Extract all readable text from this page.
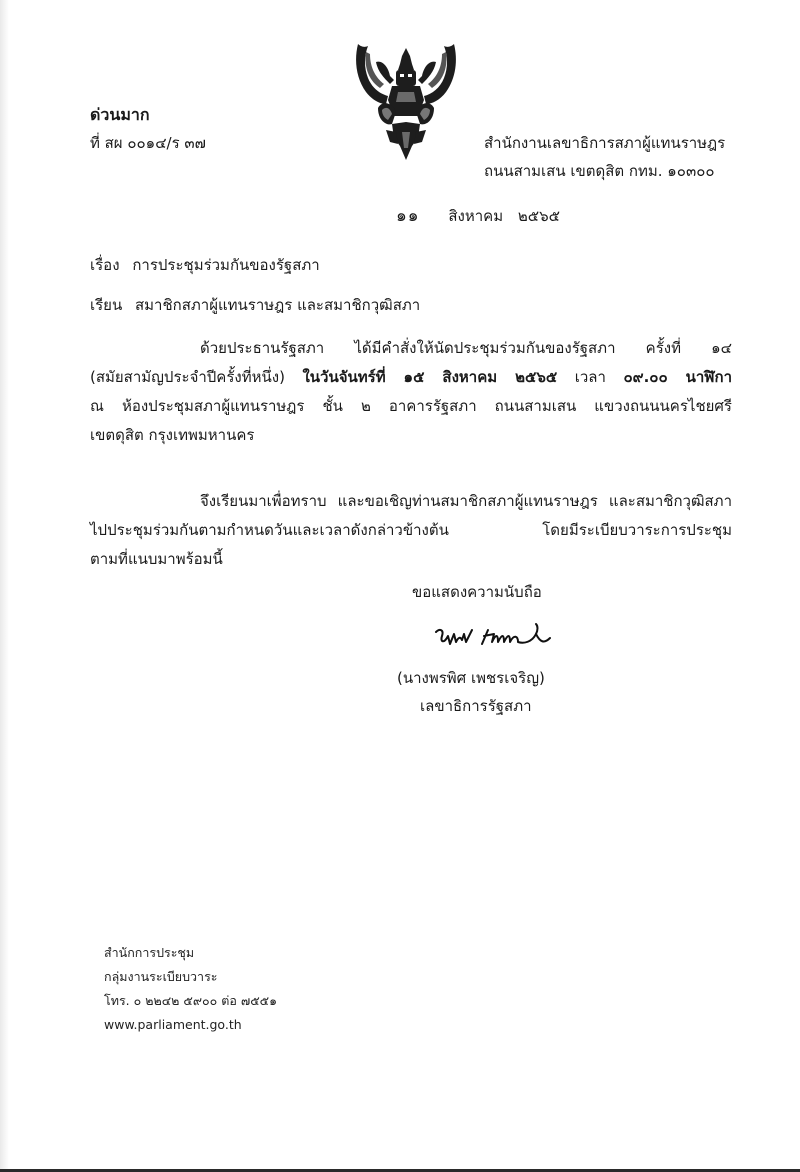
ด่วนมาก
ที่ สผ ๐๐๑๔/ร ๓๗	สำนักงานเลขาธิการสภาผู้แทนราษฎร
ถนนสามเสน เขตดุสิต กทม. ๑๐๓๐๐
๑๑ สิงหาคม ๒๕๖๕
เรื่อง การประชุมร่วมกันของรัฐสภา
เรียน สมาชิกสภาผู้แทนราษฎร และสมาชิกวุฒิสภา
ด้วยประธานรัฐสภา ได้มีคำสั่งให้นัดประชุมร่วมกันของรัฐสภา ครั้งที่ ๑๔
(สมัยสามัญประจำปีครั้งที่หนึ่ง) ในวันจันทร์ที่ ๑๕ สิงหาคม ๒๕๖๕ เวลา ๐๙.๐๐ นาฬิกา
ณ ห้องประชุมสภาผู้แทนราษฎร ชั้น ๒ อาคารรัฐสภา ถนนสามเสน แขวงถนนนครไชยศรี
เขตดุสิต กรุงเทพมหานคร
จึงเรียนมาเพื่อทราบ และขอเชิญท่านสมาชิกสภาผู้แทนราษฎร และสมาชิกวุฒิสภา
ไปประชุมร่วมกันตามกำหนดวันและเวลาดังกล่าวข้างต้น โดยมีระเบียบวาระการประชุม
ตามที่แนบมาพร้อมนี้
ขอแสดงความนับถือ
(นางพรพิศ เพชรเจริญ)
เลขาธิการรัฐสภา
สำนักการประชุม
กลุ่มงานระเบียบวาระ
โทร. ๐ ๒๒๔๒ ๕๙๐๐ ต่อ ๗๕๕๑
www.parliament.go.th
